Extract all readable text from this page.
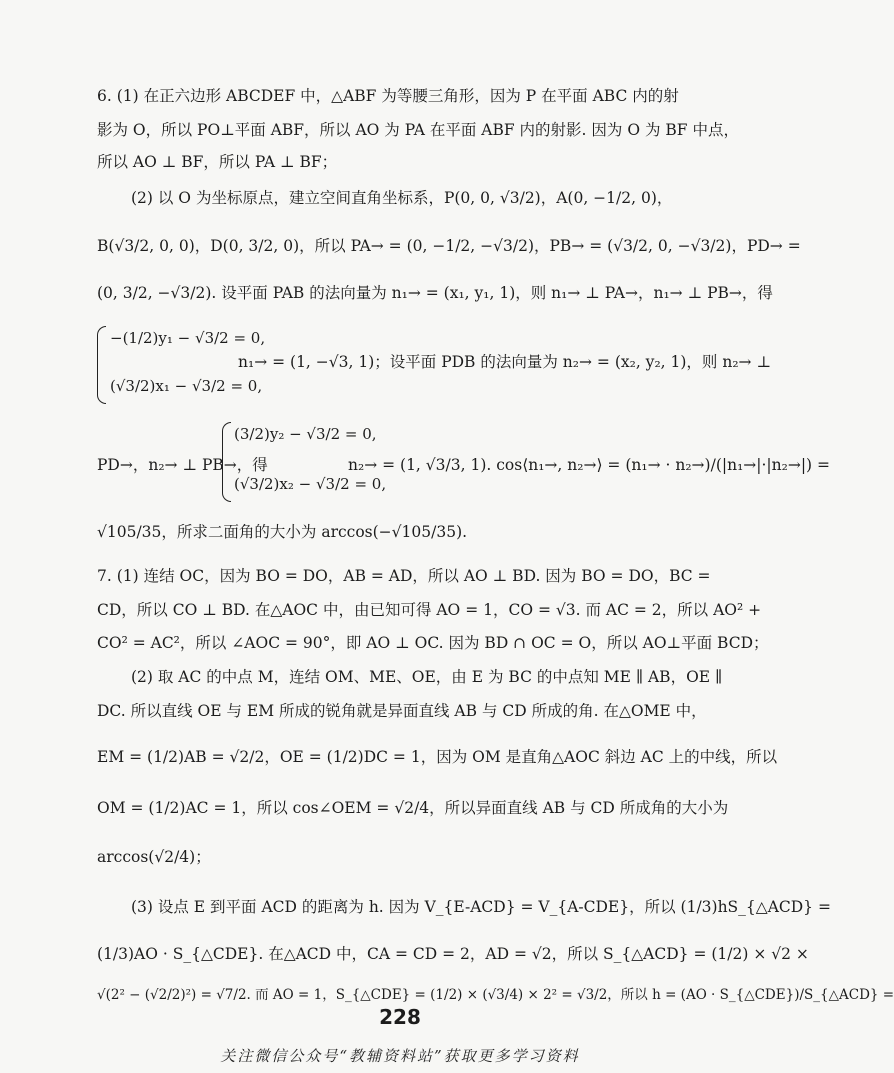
6. (1) 在正六边形 ABCDEF 中，△ABF 为等腰三角形，因为 P 在平面 ABC 内的射
影为 O，所以 PO⊥平面 ABF，所以 AO 为 PA 在平面 ABF 内的射影. 因为 O 为 BF 中点，
所以 AO ⊥ BF，所以 PA ⊥ BF；
(2) 以 O 为坐标原点，建立空间直角坐标系，P(0, 0, √3/2)，A(0, −1/2, 0)，
B(√3/2, 0, 0)，D(0, 3/2, 0)，所以 PA→ = (0, −1/2, −√3/2)，PB→ = (√3/2, 0, −√3/2)，PD→ =
(0, 3/2, −√3/2). 设平面 PAB 的法向量为 n₁→ = (x₁, y₁, 1)，则 n₁→ ⊥ PA→，n₁→ ⊥ PB→，得
−(1/2)y₁ − √3/2 = 0,
(√3/2)x₁ − √3/2 = 0,
n₁→ = (1, −√3, 1)；设平面 PDB 的法向量为 n₂→ = (x₂, y₂, 1)，则 n₂→ ⊥
PD→，n₂→ ⊥ PB→，得
(3/2)y₂ − √3/2 = 0,
(√3/2)x₂ − √3/2 = 0,
n₂→ = (1, √3/3, 1). cos⟨n₁→, n₂→⟩ = (n₁→ · n₂→)/(|n₁→|·|n₂→|) =
√105/35，所求二面角的大小为 arccos(−√105/35).
7. (1) 连结 OC，因为 BO = DO，AB = AD，所以 AO ⊥ BD. 因为 BO = DO，BC =
CD，所以 CO ⊥ BD. 在△AOC 中，由已知可得 AO = 1，CO = √3. 而 AC = 2，所以 AO² +
CO² = AC²，所以 ∠AOC = 90°，即 AO ⊥ OC. 因为 BD ∩ OC = O，所以 AO⊥平面 BCD；
(2) 取 AC 的中点 M，连结 OM、ME、OE，由 E 为 BC 的中点知 ME ∥ AB，OE ∥
DC. 所以直线 OE 与 EM 所成的锐角就是异面直线 AB 与 CD 所成的角. 在△OME 中，
EM = (1/2)AB = √2/2，OE = (1/2)DC = 1，因为 OM 是直角△AOC 斜边 AC 上的中线，所以
OM = (1/2)AC = 1，所以 cos∠OEM = √2/4，所以异面直线 AB 与 CD 所成角的大小为
arccos(√2/4)；
(3) 设点 E 到平面 ACD 的距离为 h. 因为 V_{E-ACD} = V_{A-CDE}，所以 (1/3)hS_{△ACD} =
(1/3)AO · S_{△CDE}. 在△ACD 中，CA = CD = 2，AD = √2，所以 S_{△ACD} = (1/2) × √2 ×
√(2² − (√2/2)²) = √7/2. 而 AO = 1，S_{△CDE} = (1/2) × (√3/4) × 2² = √3/2，所以 h = (AO · S_{△CDE})/S_{△ACD} =
228
关注微信公众号“教辅资料站”获取更多学习资料
